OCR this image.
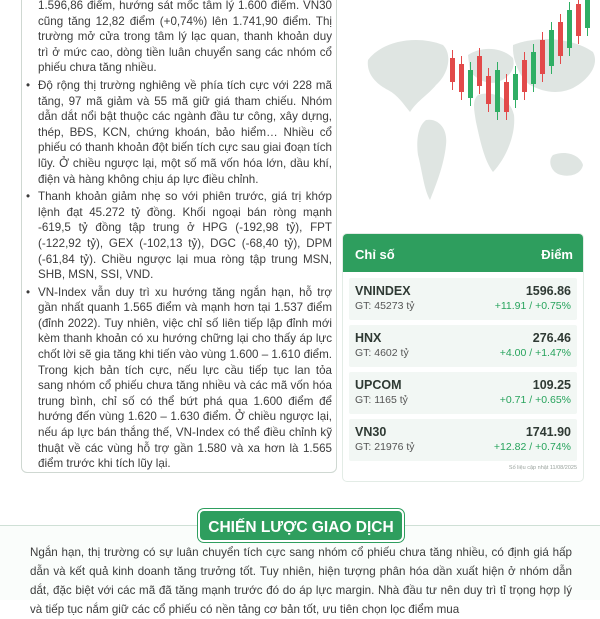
1.596,86 điểm, hướng sát mốc tâm lý 1.600 điểm. VN30 cũng tăng 12,82 điểm (+0,74%) lên 1.741,90 điểm. Thị trường mở cửa trong tâm lý lạc quan, thanh khoản duy trì ở mức cao, dòng tiền luân chuyển sang các nhóm cổ phiếu chưa tăng nhiều.

• Độ rộng thị trường nghiêng về phía tích cực với 228 mã tăng, 97 mã giảm và 55 mã giữ giá tham chiếu. Nhóm dẫn dắt nổi bật thuộc các ngành đầu tư công, xây dựng, thép, BĐS, KCN, chứng khoán, bảo hiểm… Nhiều cổ phiếu có thanh khoản đột biến tích cực sau giai đoạn tích lũy. Ở chiều ngược lại, một số mã vốn hóa lớn, dầu khí, điện và hàng không chịu áp lực điều chỉnh.

• Thanh khoản giảm nhẹ so với phiên trước, giá trị khớp lệnh đạt 45.272 tỷ đồng. Khối ngoại bán ròng mạnh -619,5 tỷ đồng tập trung ở HPG (-192,98 tỷ), FPT (-122,92 tỷ), GEX (-102,13 tỷ), DGC (-68,40 tỷ), DPM (-61,84 tỷ). Chiều ngược lại mua ròng tập trung MSN, SHB, MSN, SSI, VND.

• VN-Index vẫn duy trì xu hướng tăng ngắn hạn, hỗ trợ gần nhất quanh 1.565 điểm và mạnh hơn tại 1.537 điểm (đỉnh 2022). Tuy nhiên, việc chỉ số liên tiếp lập đỉnh mới kèm thanh khoản có xu hướng chững lại cho thấy áp lực chốt lời sẽ gia tăng khi tiến vào vùng 1.600 – 1.610 điểm. Trong kịch bản tích cực, nếu lực cầu tiếp tục lan tỏa sang nhóm cổ phiếu chưa tăng nhiều và các mã vốn hóa trung bình, chỉ số có thể bứt phá qua 1.600 điểm để hướng đến vùng 1.620 – 1.630 điểm. Ở chiều ngược lại, nếu áp lực bán thắng thế, VN-Index có thể điều chỉnh kỹ thuật về các vùng hỗ trợ gần 1.580 và xa hơn là 1.565 điểm trước khi tích lũy lại.

Chỉ số	Điểm
VNINDEX
GT: 45273 tỷ
1596.86
+11.91 / +0.75%
HNX
GT: 4602 tỷ
276.46
+4.00 / +1.47%
UPCOM
GT: 1165 tỷ
109.25
+0.71 / +0.65%
VN30
GT: 21976 tỷ
1741.90
+12.82 / +0.74%
Số liệu cập nhật 11/08/2025
CHIẾN LƯỢC GIAO DỊCH
Ngắn hạn, thị trường có sự luân chuyển tích cực sang nhóm cổ phiếu chưa tăng nhiều, có định giá hấp dẫn và kết quả kinh doanh tăng trưởng tốt. Tuy nhiên, hiện tượng phân hóa dần xuất hiện ở nhóm dẫn dắt, đặc biệt với các mã đã tăng mạnh trước đó do áp lực margin. Nhà đầu tư nên duy trì tỉ trọng hợp lý và tiếp tục nắm giữ các cổ phiếu có nền tảng cơ bản tốt, ưu tiên chọn lọc điểm mua
